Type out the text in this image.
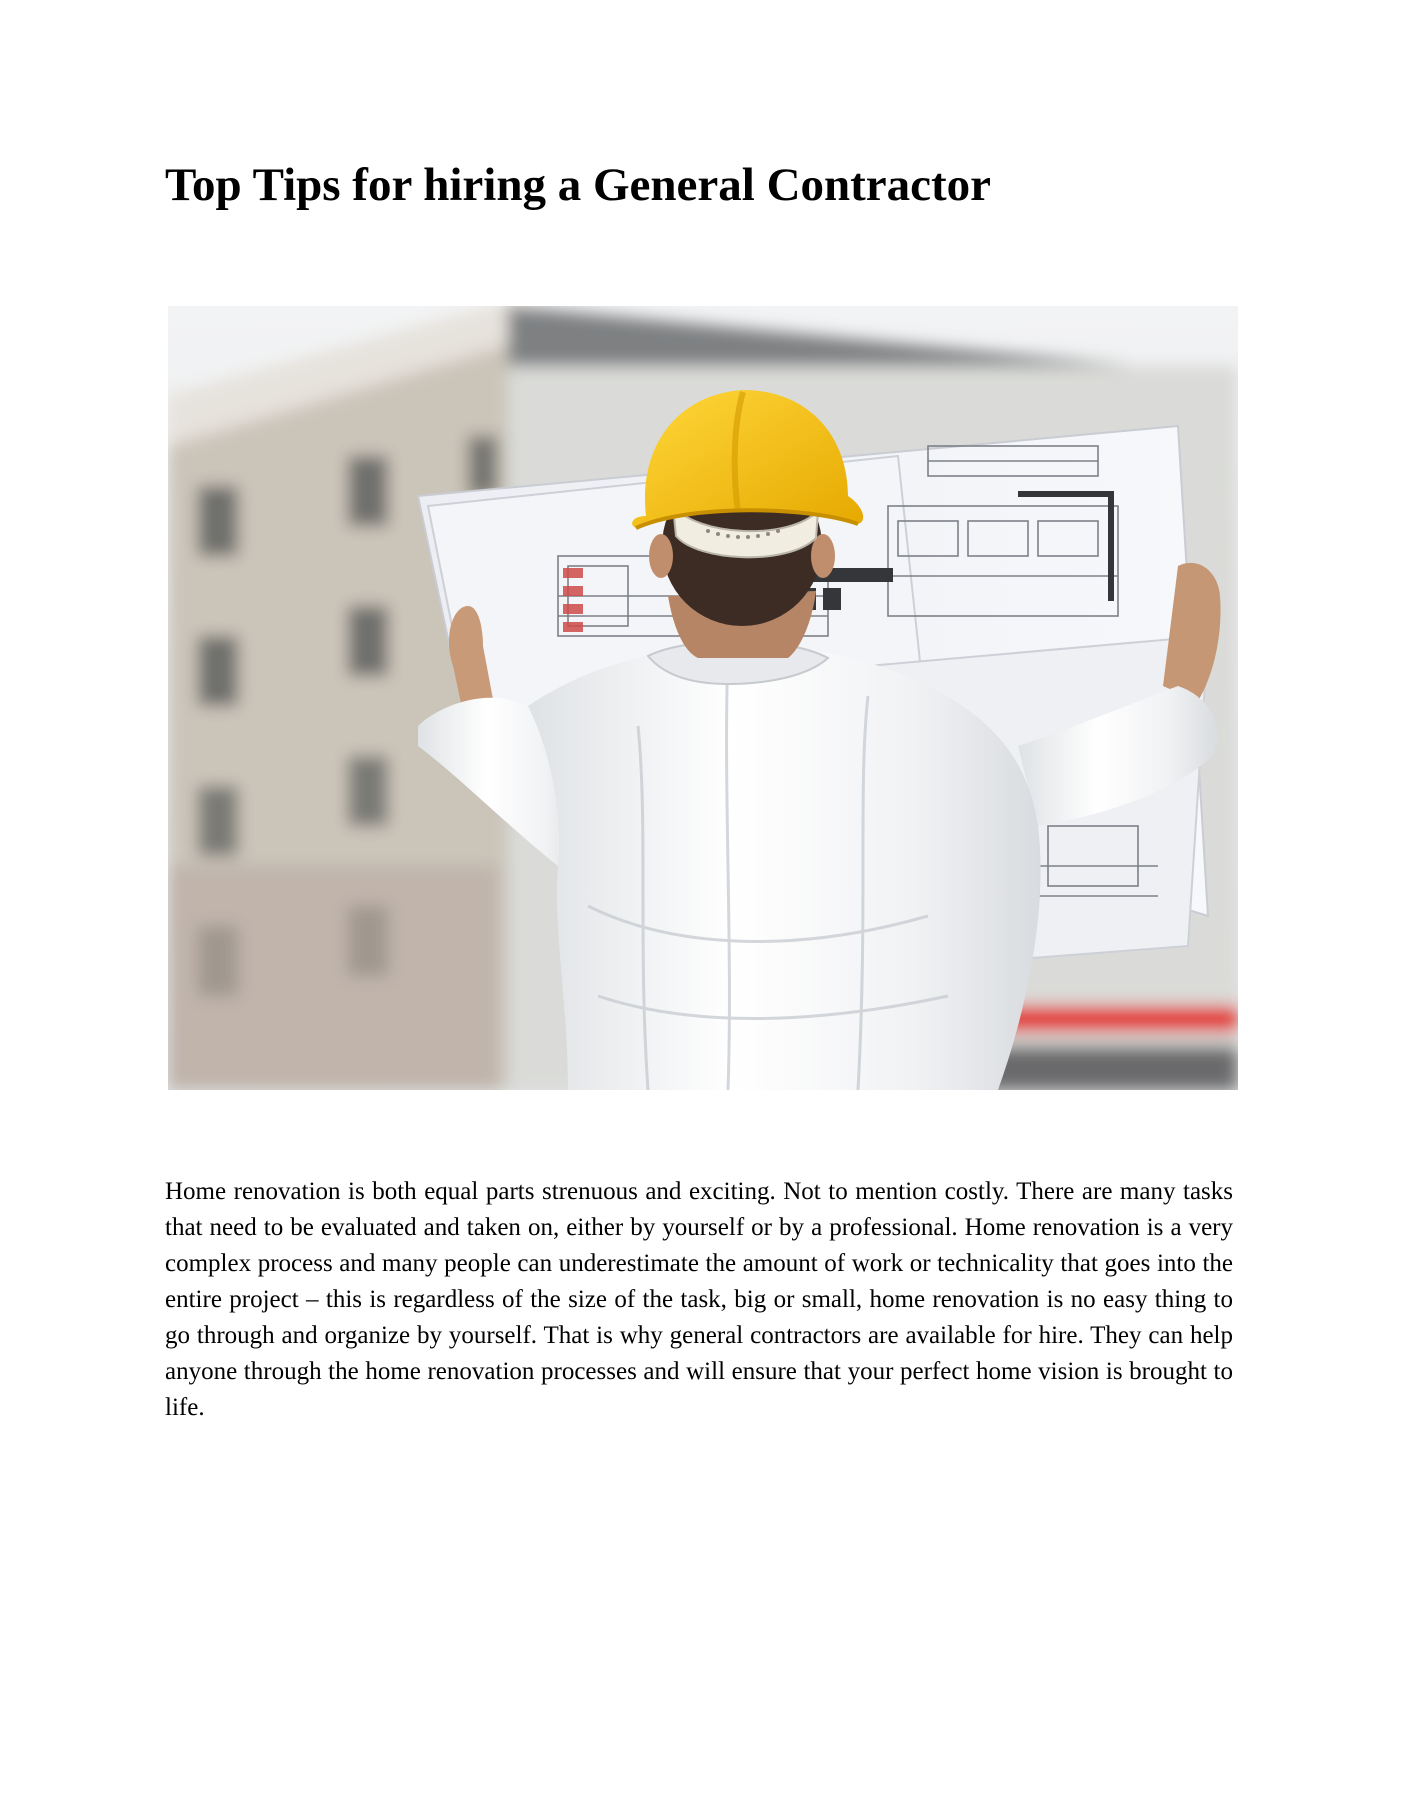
Top Tips for hiring a General Contractor

Home renovation is both equal parts strenuous and exciting. Not to mention costly. There are many tasks that need to be evaluated and taken on, either by yourself or by a professional. Home renovation is a very complex process and many people can underestimate the amount of work or technicality that goes into the entire project – this is regardless of the size of the task, big or small, home renovation is no easy thing to go through and organize by yourself. That is why general contractors are available for hire. They can help anyone through the home renovation processes and will ensure that your perfect home vision is brought to life.
